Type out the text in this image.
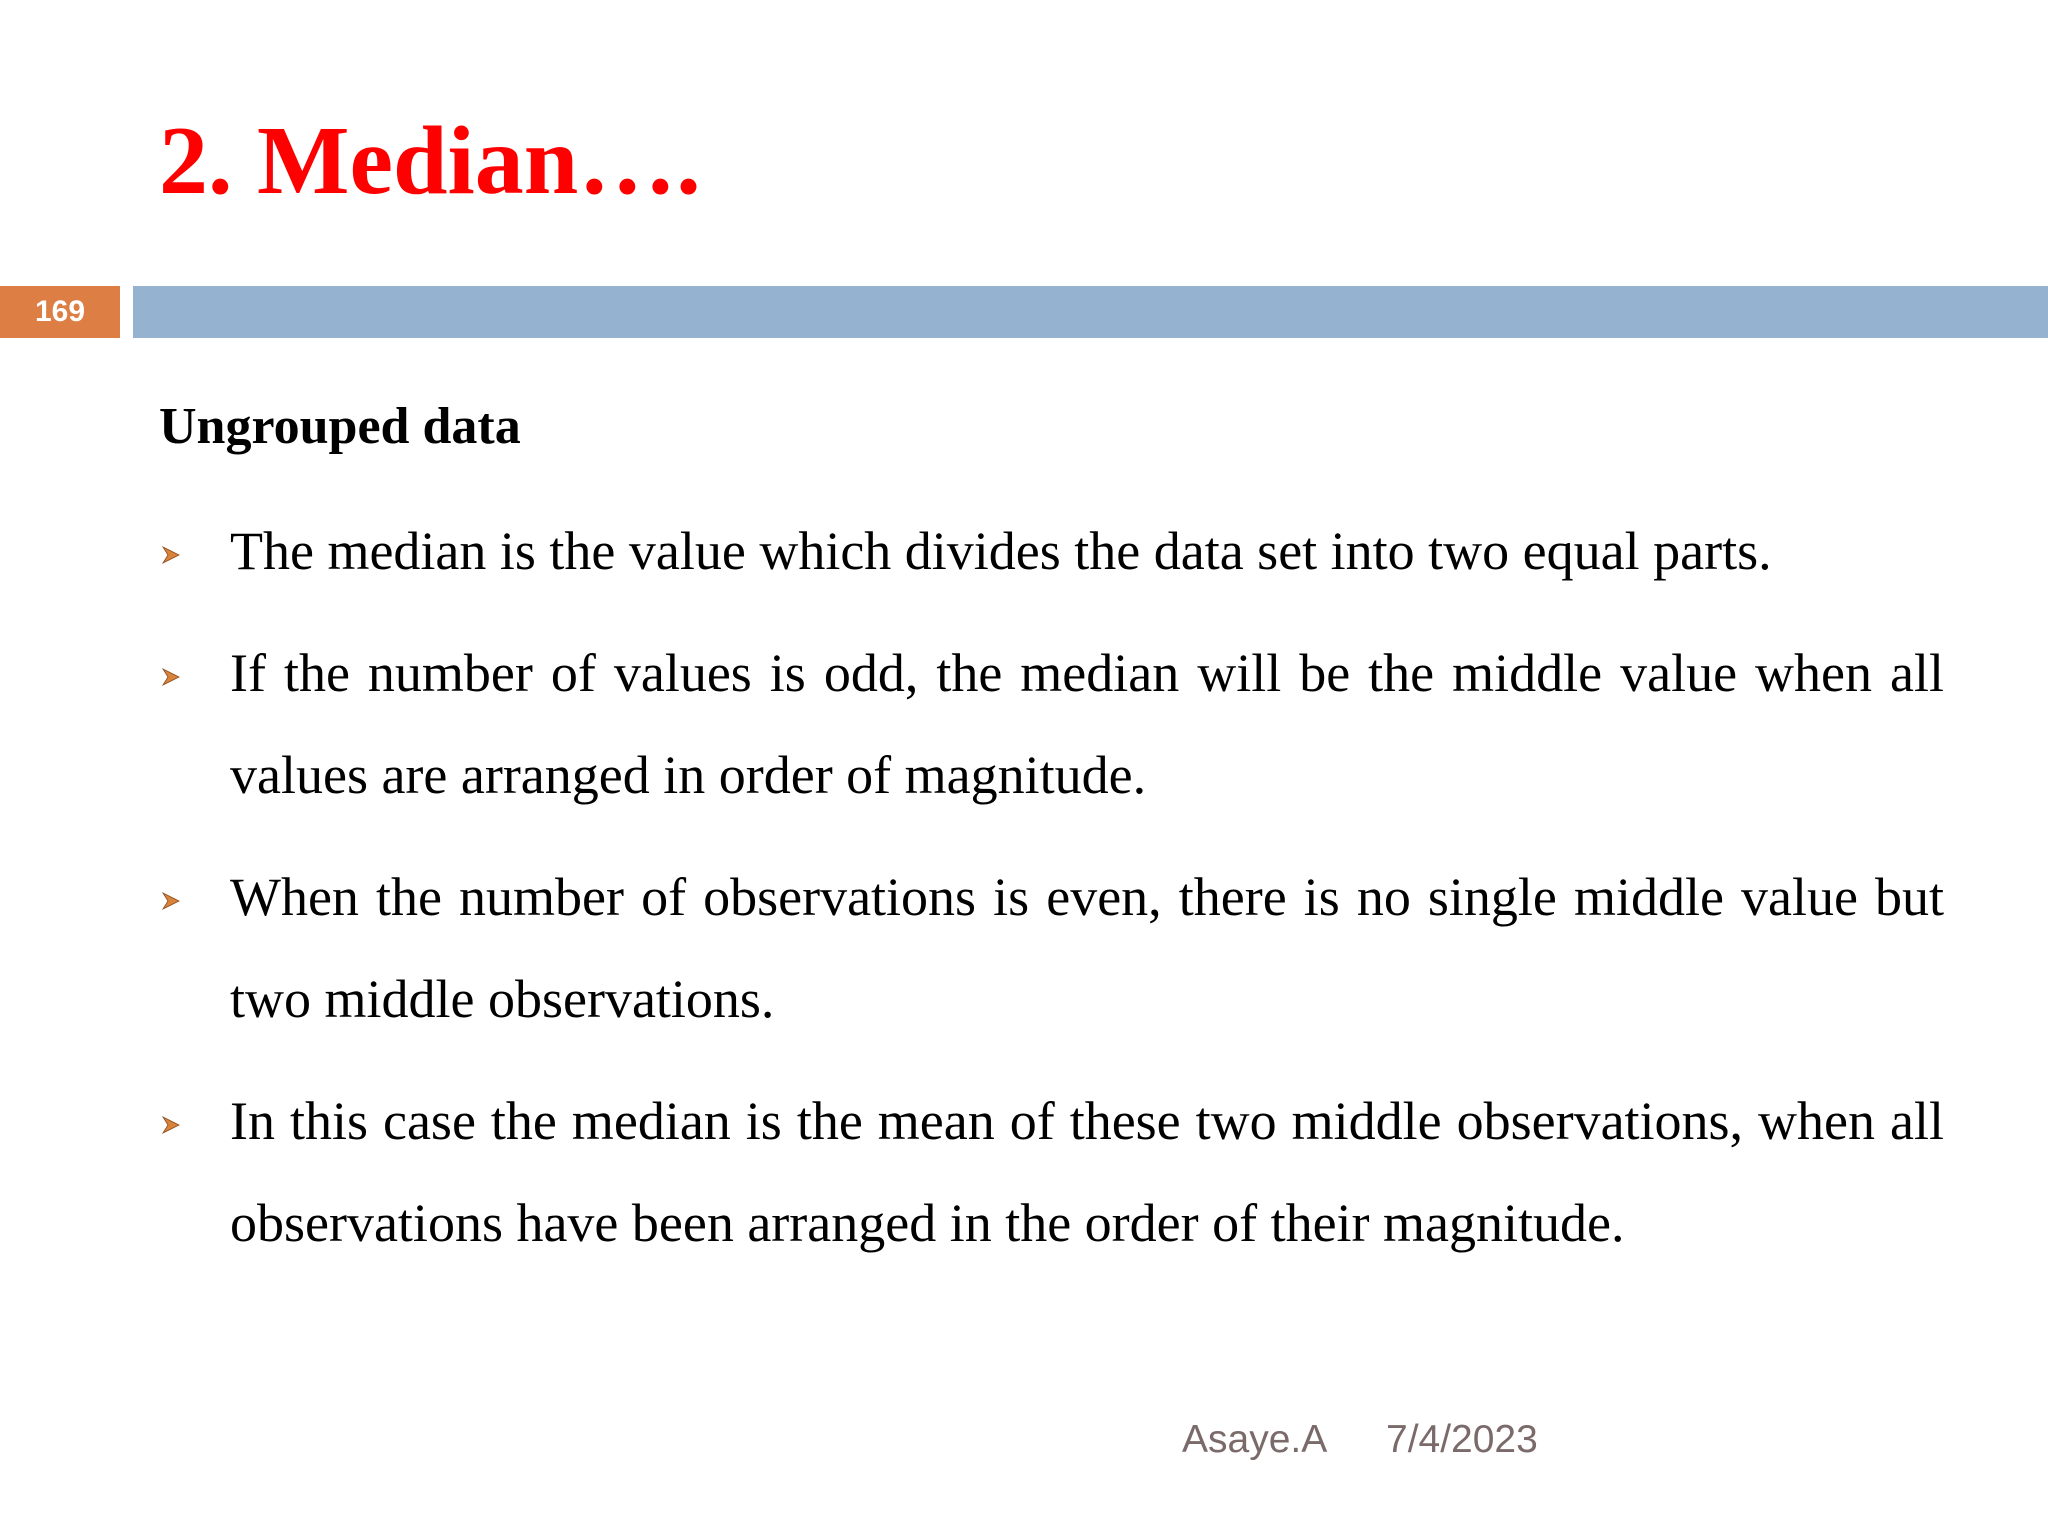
2. Median….
169
Ungrouped data
The median is the value which divides the data set into two equal parts.
If the number of values is odd, the median will be the middle value when all values are arranged in order of magnitude.
When the number of observations is even, there is no single middle value but two middle observations.
In this case the median is the mean of these two middle observations, when all observations have been arranged in the order of their magnitude.
Asaye.A 7/4/2023
